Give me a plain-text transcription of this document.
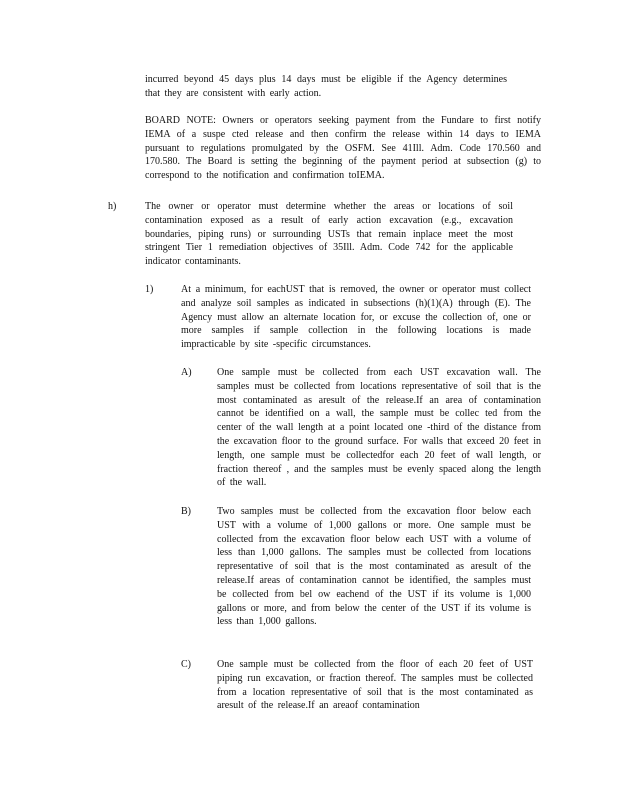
incurred beyond 45 days plus 14 days must be eligible if the Agency determines that they are consistent with early action.
BOARD NOTE: Owners or operators seeking payment from the Fundare to first notify IEMA of a suspe cted release and then confirm the release within 14 days to IEMA pursuant to regulations promulgated by the OSFM. See 41Ill. Adm. Code 170.560 and 170.580. The Board is setting the beginning of the payment period at subsection (g) to correspond to the notification and confirmation toIEMA.
h)	The owner or operator must determine whether the areas or locations of soil contamination exposed as a result of early action excavation (e.g., excavation boundaries, piping runs) or surrounding USTs that remain inplace meet the most stringent Tier 1 remediation objectives of 35Ill. Adm. Code 742 for the applicable indicator contaminants.
1)	At a minimum, for eachUST that is removed, the owner or operator must collect and analyze soil samples as indicated in subsections (h)(1)(A) through (E). The Agency must allow an alternate location for, or excuse the collection of, one or more samples if sample collection in the following locations is made impracticable by site -specific circumstances.
A)	One sample must be collected from each UST excavation wall. The samples must be collected from locations representative of soil that is the most contaminated as aresult of the release.If an area of contamination cannot be identified on a wall, the sample must be collec ted from the center of the wall length at a point located one -third of the distance from the excavation floor to the ground surface. For walls that exceed 20 feet in length, one sample must be collectedfor each 20 feet of wall length, or fraction thereof , and the samples must be evenly spaced along the length of the wall.
B)	Two samples must be collected from the excavation floor below each UST with a volume of 1,000 gallons or more. One sample must be collected from the excavation floor below each UST with a volume of less than 1,000 gallons. The samples must be collected from locations representative of soil that is the most contaminated as aresult of the release.If areas of contamination cannot be identified, the samples must be collected from bel ow eachend of the UST if its volume is 1,000 gallons or more, and from below the center of the UST if its volume is less than 1,000 gallons.
C)	One sample must be collected from the floor of each 20 feet of UST piping run excavation, or fraction thereof. The samples must be collected from a location representative of soil that is the most contaminated as aresult of the release.If an areaof contamination
